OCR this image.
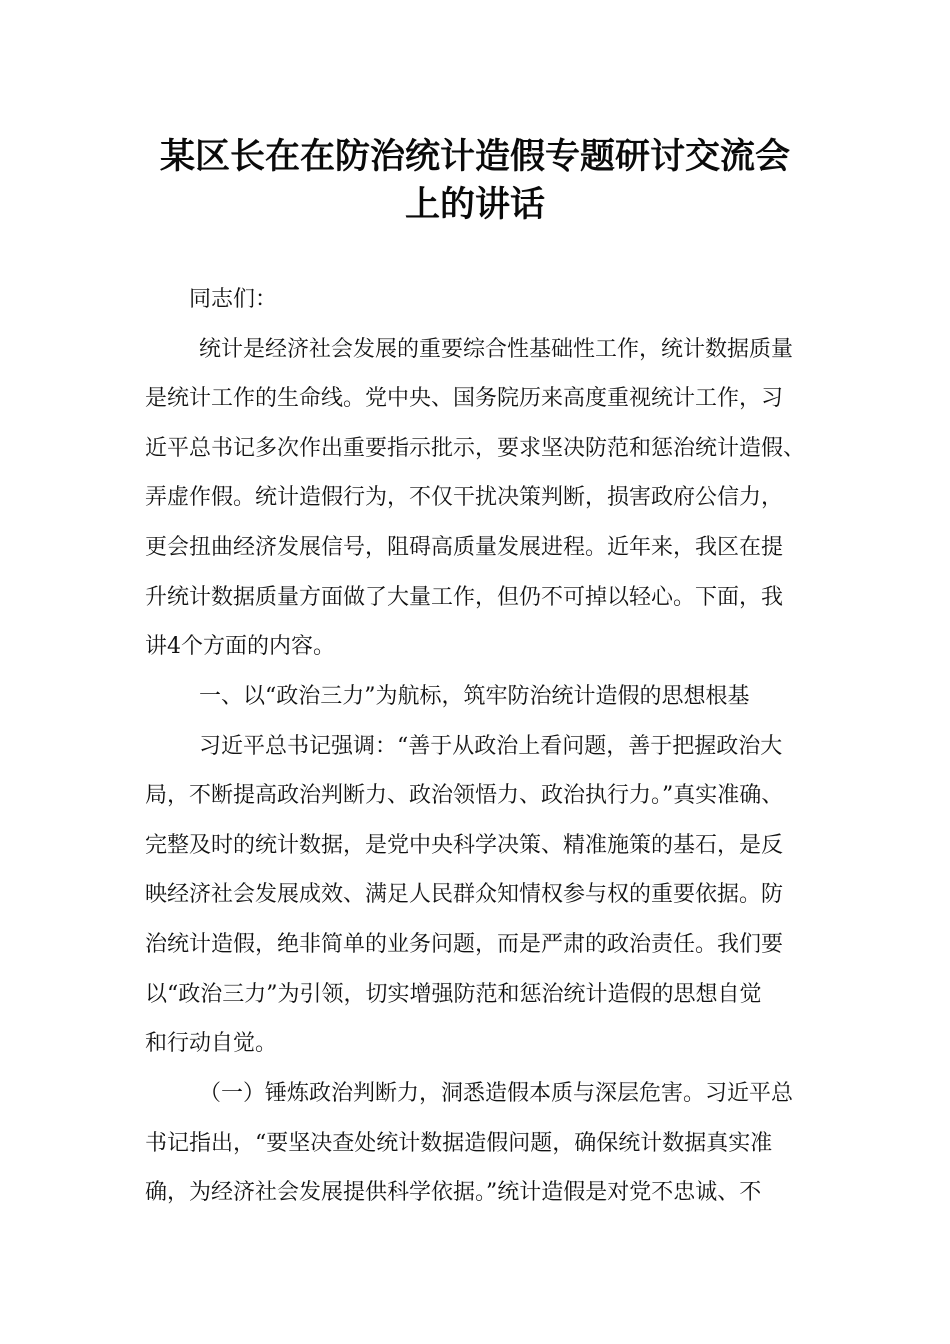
某区长在在防治统计造假专题研讨交流会
上的讲话
同志们：
统计是经济社会发展的重要综合性基础性工作，统计数据质量
是统计工作的生命线。党中央、国务院历来高度重视统计工作，习
近平总书记多次作出重要指示批示，要求坚决防范和惩治统计造假、
弄虚作假。统计造假行为，不仅干扰决策判断，损害政府公信力，
更会扭曲经济发展信号，阻碍高质量发展进程。近年来，我区在提
升统计数据质量方面做了大量工作，但仍不可掉以轻心。下面，我
讲4个方面的内容。
一、以“政治三力”为航标，筑牢防治统计造假的思想根基
习近平总书记强调：“善于从政治上看问题，善于把握政治大
局，不断提高政治判断力、政治领悟力、政治执行力。”真实准确、
完整及时的统计数据，是党中央科学决策、精准施策的基石，是反
映经济社会发展成效、满足人民群众知情权参与权的重要依据。防
治统计造假，绝非简单的业务问题，而是严肃的政治责任。我们要
以“政治三力”为引领，切实增强防范和惩治统计造假的思想自觉
和行动自觉。
（一）锤炼政治判断力，洞悉造假本质与深层危害。习近平总
书记指出，“要坚决查处统计数据造假问题，确保统计数据真实准
确，为经济社会发展提供科学依据。”统计造假是对党不忠诚、不
